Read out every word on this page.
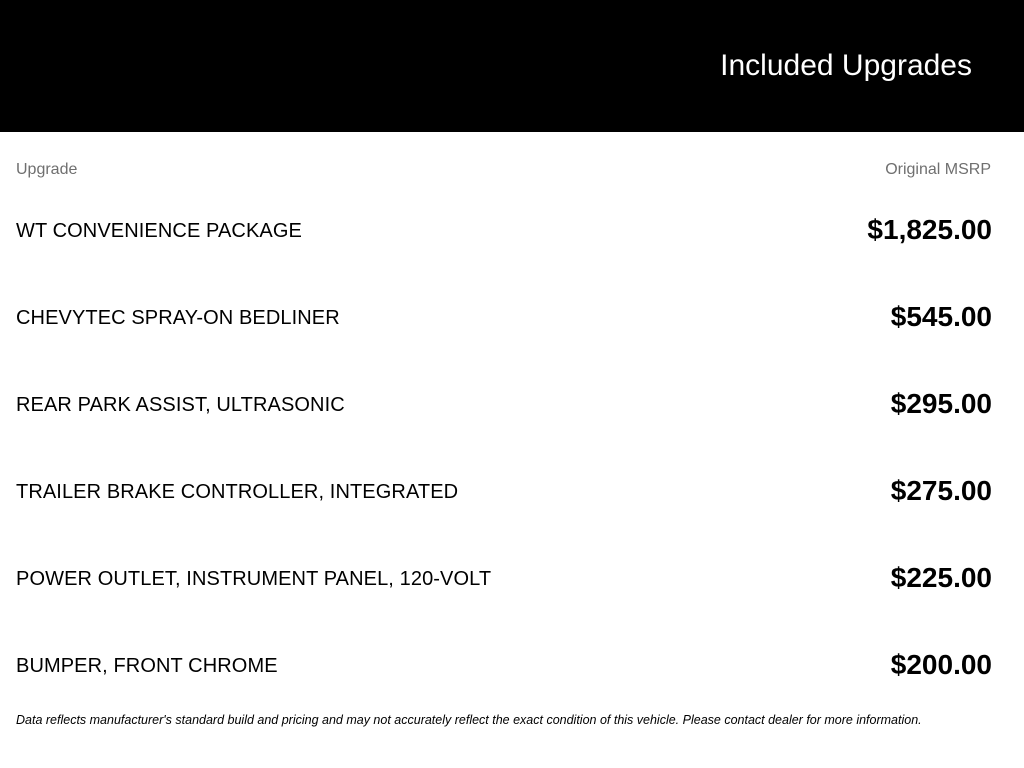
Included Upgrades
Upgrade	Original MSRP
WT CONVENIENCE PACKAGE	$1,825.00
CHEVYTEC SPRAY-ON BEDLINER	$545.00
REAR PARK ASSIST, ULTRASONIC	$295.00
TRAILER BRAKE CONTROLLER, INTEGRATED	$275.00
POWER OUTLET, INSTRUMENT PANEL, 120-VOLT	$225.00
BUMPER, FRONT CHROME	$200.00
Data reflects manufacturer's standard build and pricing and may not accurately reflect the exact condition of this vehicle. Please contact dealer for more information.
